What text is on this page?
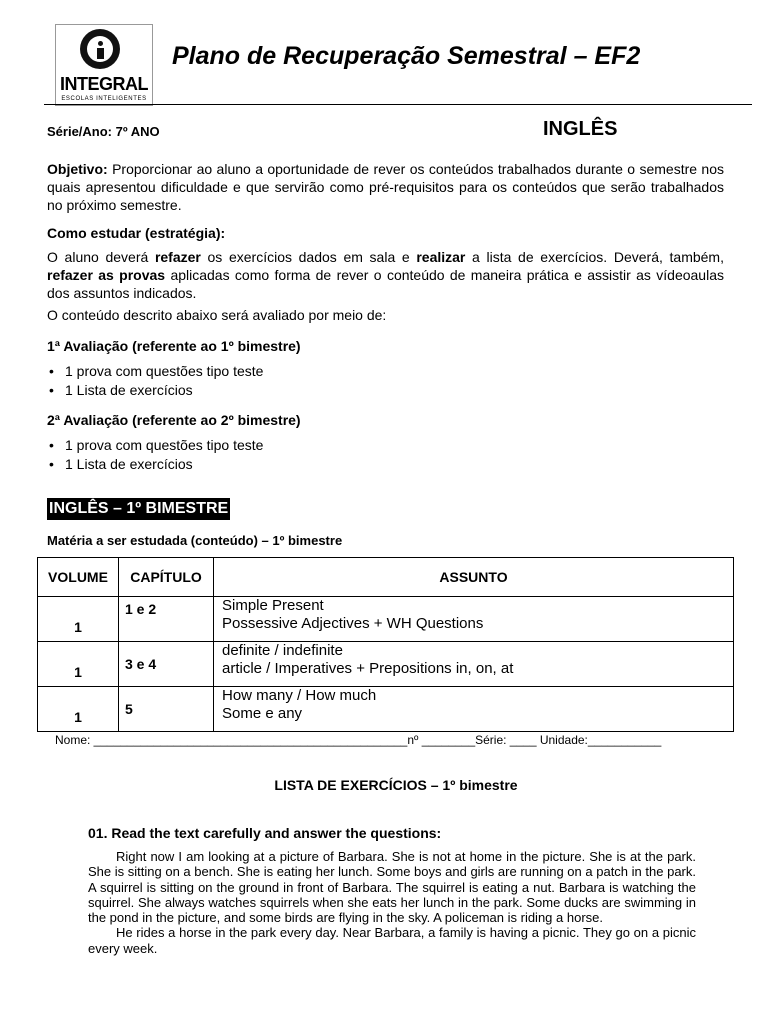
INTEGRAL
ESCOLAS INTELIGENTES
Plano de Recuperação Semestral – EF2
Série/Ano: 7º ANO	INGLÊS
Objetivo: Proporcionar ao aluno a oportunidade de rever os conteúdos trabalhados durante o semestre nos quais apresentou dificuldade e que servirão como pré-requisitos para os conteúdos que serão trabalhados no próximo semestre.
Como estudar (estratégia):
O aluno deverá refazer os exercícios dados em sala e realizar a lista de exercícios. Deverá, também, refazer as provas aplicadas como forma de rever o conteúdo de maneira prática e assistir as vídeoaulas dos assuntos indicados.
O conteúdo descrito abaixo será avaliado por meio de:
1ª Avaliação (referente ao 1º bimestre)
• 1 prova com questões tipo teste
• 1 Lista de exercícios
2ª Avaliação (referente ao 2º bimestre)
• 1 prova com questões tipo teste
• 1 Lista de exercícios
INGLÊS – 1º BIMESTRE
Matéria a ser estudada (conteúdo) – 1º bimestre
VOLUME	CAPÍTULO	ASSUNTO
1	1 e 2	Simple Present
Possessive Adjectives + WH Questions

1	3 e 4	definite / indefinite
article / Imperatives + Prepositions in, on, at

1	5	How many / How much
Some e any
Nome: _______________________________________________nº ________Série: ____ Unidade:___________
LISTA DE EXERCÍCIOS – 1º bimestre
01. Read the text carefully and answer the questions:

Right now I am looking at a picture of Barbara. She is not at home in the picture. She is at the park. She is sitting on a bench. She is eating her lunch. Some boys and girls are running on a patch in the park. A squirrel is sitting on the ground in front of Barbara. The squirrel is eating a nut. Barbara is watching the squirrel. She always watches squirrels when she eats her lunch in the park. Some ducks are swimming in the pond in the picture, and some birds are flying in the sky. A policeman is riding a horse.

He rides a horse in the park every day. Near Barbara, a family is having a picnic. They go on a picnic every week.
